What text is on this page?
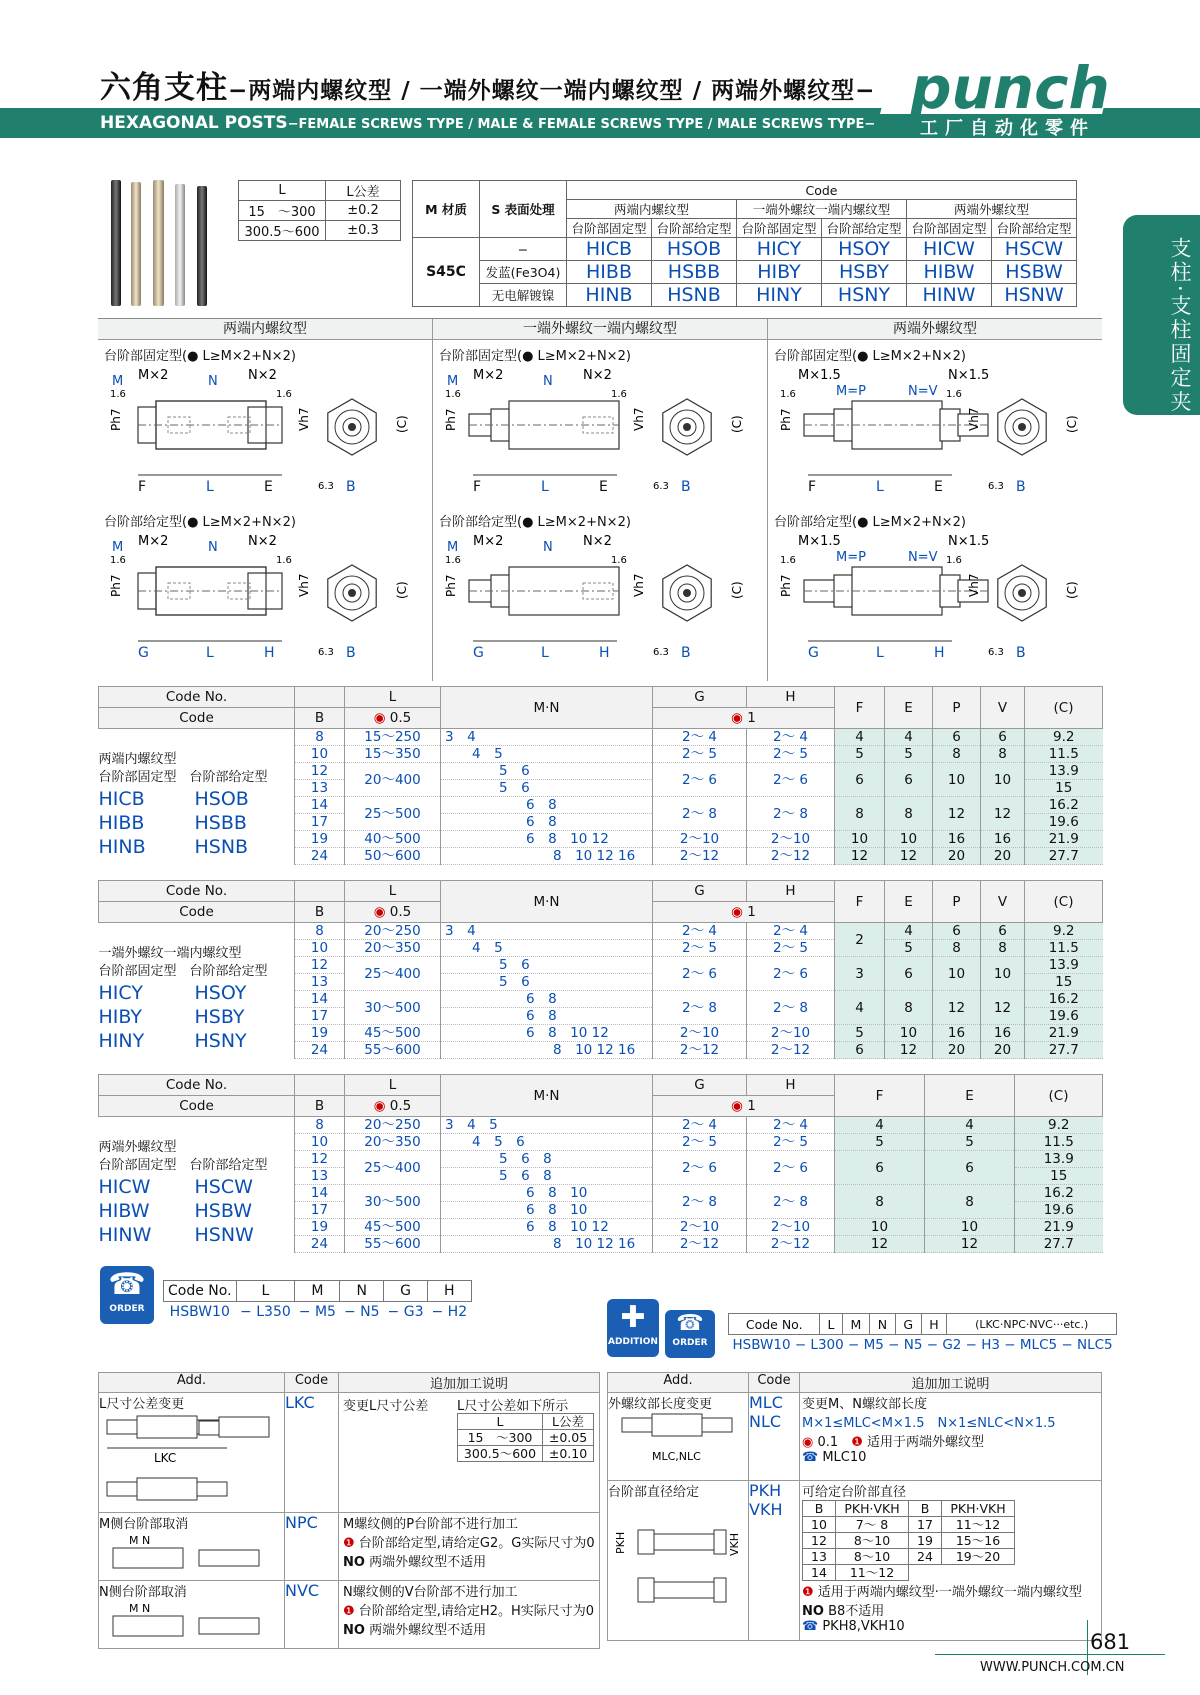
六角支柱−两端内螺纹型 / 一端外螺纹一端内螺纹型 / 两端外螺纹型−
HEXAGONAL POSTS−FEMALE SCREWS TYPE / MALE & FEMALE SCREWS TYPE / MALE SCREWS TYPE−
punch
工厂自动化零件
支柱·支柱固定夹
L	L公差
15　～300	±0.2
300.5～600	±0.3
M 材质	S 表面处理	Code					
		两端内螺纹型		一端外螺纹一端内螺纹型		两端外螺纹型	
		台阶部固定型	台阶部给定型	台阶部固定型	台阶部给定型	台阶部固定型	台阶部给定型
S45C	−	HICB	HSOB	HICY	HSOY	HICW	HSCW
	发蓝(Fe3O4)	HIBB	HSBB	HIBY	HSBY	HIBW	HSBW
	无电解镀镍	HINB	HSNB	HINY	HSNY	HINW	HSNW
两端内螺纹型
台阶部固定型(● L≥M×2+N×2)
台阶部给定型(● L≥M×2+N×2)
M M×2	N N×2
Ph7	Vh7
1.6	1.6
F	L	E	B
(C)
6.3
M M×2	N N×2
Ph7	Vh7
1.6	1.6
G	L	H	B
(C)
6.3
一端外螺纹一端内螺纹型
台阶部固定型(● L≥M×2+N×2)
台阶部给定型(● L≥M×2+N×2)
M M×2	N N×2
Ph7	Vh7
1.6	1.6
F	L	E	B
(C)
6.3
M M×2	N N×2
Ph7	Vh7
1.6	1.6
G	L	H	B
(C)
6.3
两端外螺纹型
台阶部固定型(● L≥M×2+N×2)
台阶部给定型(● L≥M×2+N×2)
M×1.5	N×1.5
M=P	N=V
Ph7	Vh7
1.6	1.6
F	L	E	B
(C)
6.3
M×1.5	N×1.5
M=P	N=V
Ph7	Vh7
1.6	1.6
G	L	H	B
(C)
6.3
Code No.		L	M·N	G	H	F	E	P	V	(C)
Code	B	◉ 0.5		◉ 1						

两端内螺纹型
台阶部固定型　 台阶部给定型
HICB HSOB
HIBB HSBB
HINB HSNB	8	15～250	3　4	2～ 4	2～ 4	4	4	6	6	9.2
	10	15～350	　　4　5	2～ 5	2～ 5	5	5	8	8	11.5
	12	20～400	　　　　5　6	2～ 6	2～ 6	6	6	10	10	13.9
	13		　　　　5　6							15
	14	25～500	　　　　　　6　8	2～ 8	2～ 8	8	8	12	12	16.2
	17		　　　　　　6　8							19.6
	19	40～500	　　　　　　6　8　10 12	2～10	2～10	10	10	16	16	21.9
	24	50～600	　　　　　　　　8　10 12 16	2～12	2～12	12	12	20	20	27.7
Code No.		L	M·N	G	H	F	E	P	V	(C)
Code	B	◉ 0.5		◉ 1						

一端外螺纹一端内螺纹型
台阶部固定型　 台阶部给定型
HICY HSOY
HIBY HSBY
HINY HSNY	8	20～250	3　4	2～ 4	2～ 4	2	4	6	6	9.2
	10	20～350	　　4　5	2～ 5	2～ 5		5	8	8	11.5
	12	25～400	　　　　5　6	2～ 6	2～ 6	3	6	10	10	13.9
	13		　　　　5　6							15
	14	30～500	　　　　　　6　8	2～ 8	2～ 8	4	8	12	12	16.2
	17		　　　　　　6　8							19.6
	19	45～500	　　　　　　6　8　10 12	2～10	2～10	5	10	16	16	21.9
	24	55～600	　　　　　　　　8　10 12 16	2～12	2～12	6	12	20	20	27.7
Code No.		L	M·N	G	H	F	E	(C)
Code	B	◉ 0.5		◉ 1				

两端外螺纹型
台阶部固定型　 台阶部给定型
HICW HSCW
HIBW HSBW
HINW HSNW	8	20～250	3　4　5	2～ 4	2～ 4	4	4	9.2
	10	20～350	　　4　5　6	2～ 5	2～ 5	5	5	11.5
	12	25～400	　　　　5　6　8	2～ 6	2～ 6	6	6	13.9
	13		　　　　5　6　8					15
	14	30～500	　　　　　　6　8　10	2～ 8	2～ 8	8	8	16.2
	17		　　　　　　6　8　10					19.6
	19	45～500	　　　　　　6　8　10 12	2～10	2～10	10	10	21.9
	24	55～600	　　　　　　　　8　10 12 16	2～12	2～12	12	12	27.7
☎
ORDER
Code No.	L	M	N	G	H
HSBW10	− L350	− M5	− N5	− G3	− H2	✚
ADDITION
☎
ORDER
Code No.	L	M	N	G	H	(LKC·NPC·NVC···etc.)
HSBW10 − L300 − M5 − N5 − G2 − H3 − MLC5 − NLC5
Add.	Code	追加加工说明

L尺寸公差变更
LKC
	LKC	变更L尺寸公差 L尺寸公差如下所示
L	L公差
15　～300	±0.05
300.5～600	±0.10

M侧台阶部取消
M N
	NPC	M螺纹侧的P台阶部不进行加工
❶ 台阶部给定型,请给定G2。G实际尺寸为0
NO 两端外螺纹型不适用

N侧台阶部取消
M N
	NVC	N螺纹侧的V台阶部不进行加工
❶ 台阶部给定型,请给定H2。H实际尺寸为0
NO 两端外螺纹型不适用
Add.	Code	追加加工说明

外螺纹部长度变更
MLC,NLC

MLC
NLC

变更M、N螺纹部长度
M×1≤MLC<M×1.5　N×1≤NLC<N×1.5
◉ 0.1　 ❶ 适用于两端外螺纹型
☎ MLC10

台阶部直径给定
PKH	VKH

PKH
VKH

可给定台阶部直径
B	PKH·VKH	B	PKH·VKH
10	7～ 8	17	11～12
12	8～10	19	15～16
13	8～10	24	19～20
14	11～12		
❶ 适用于两端内螺纹型·一端外螺纹一端内螺纹型
NO B8不适用
☎ PKH8,VKH10
681
WWW.PUNCH.COM.CN
